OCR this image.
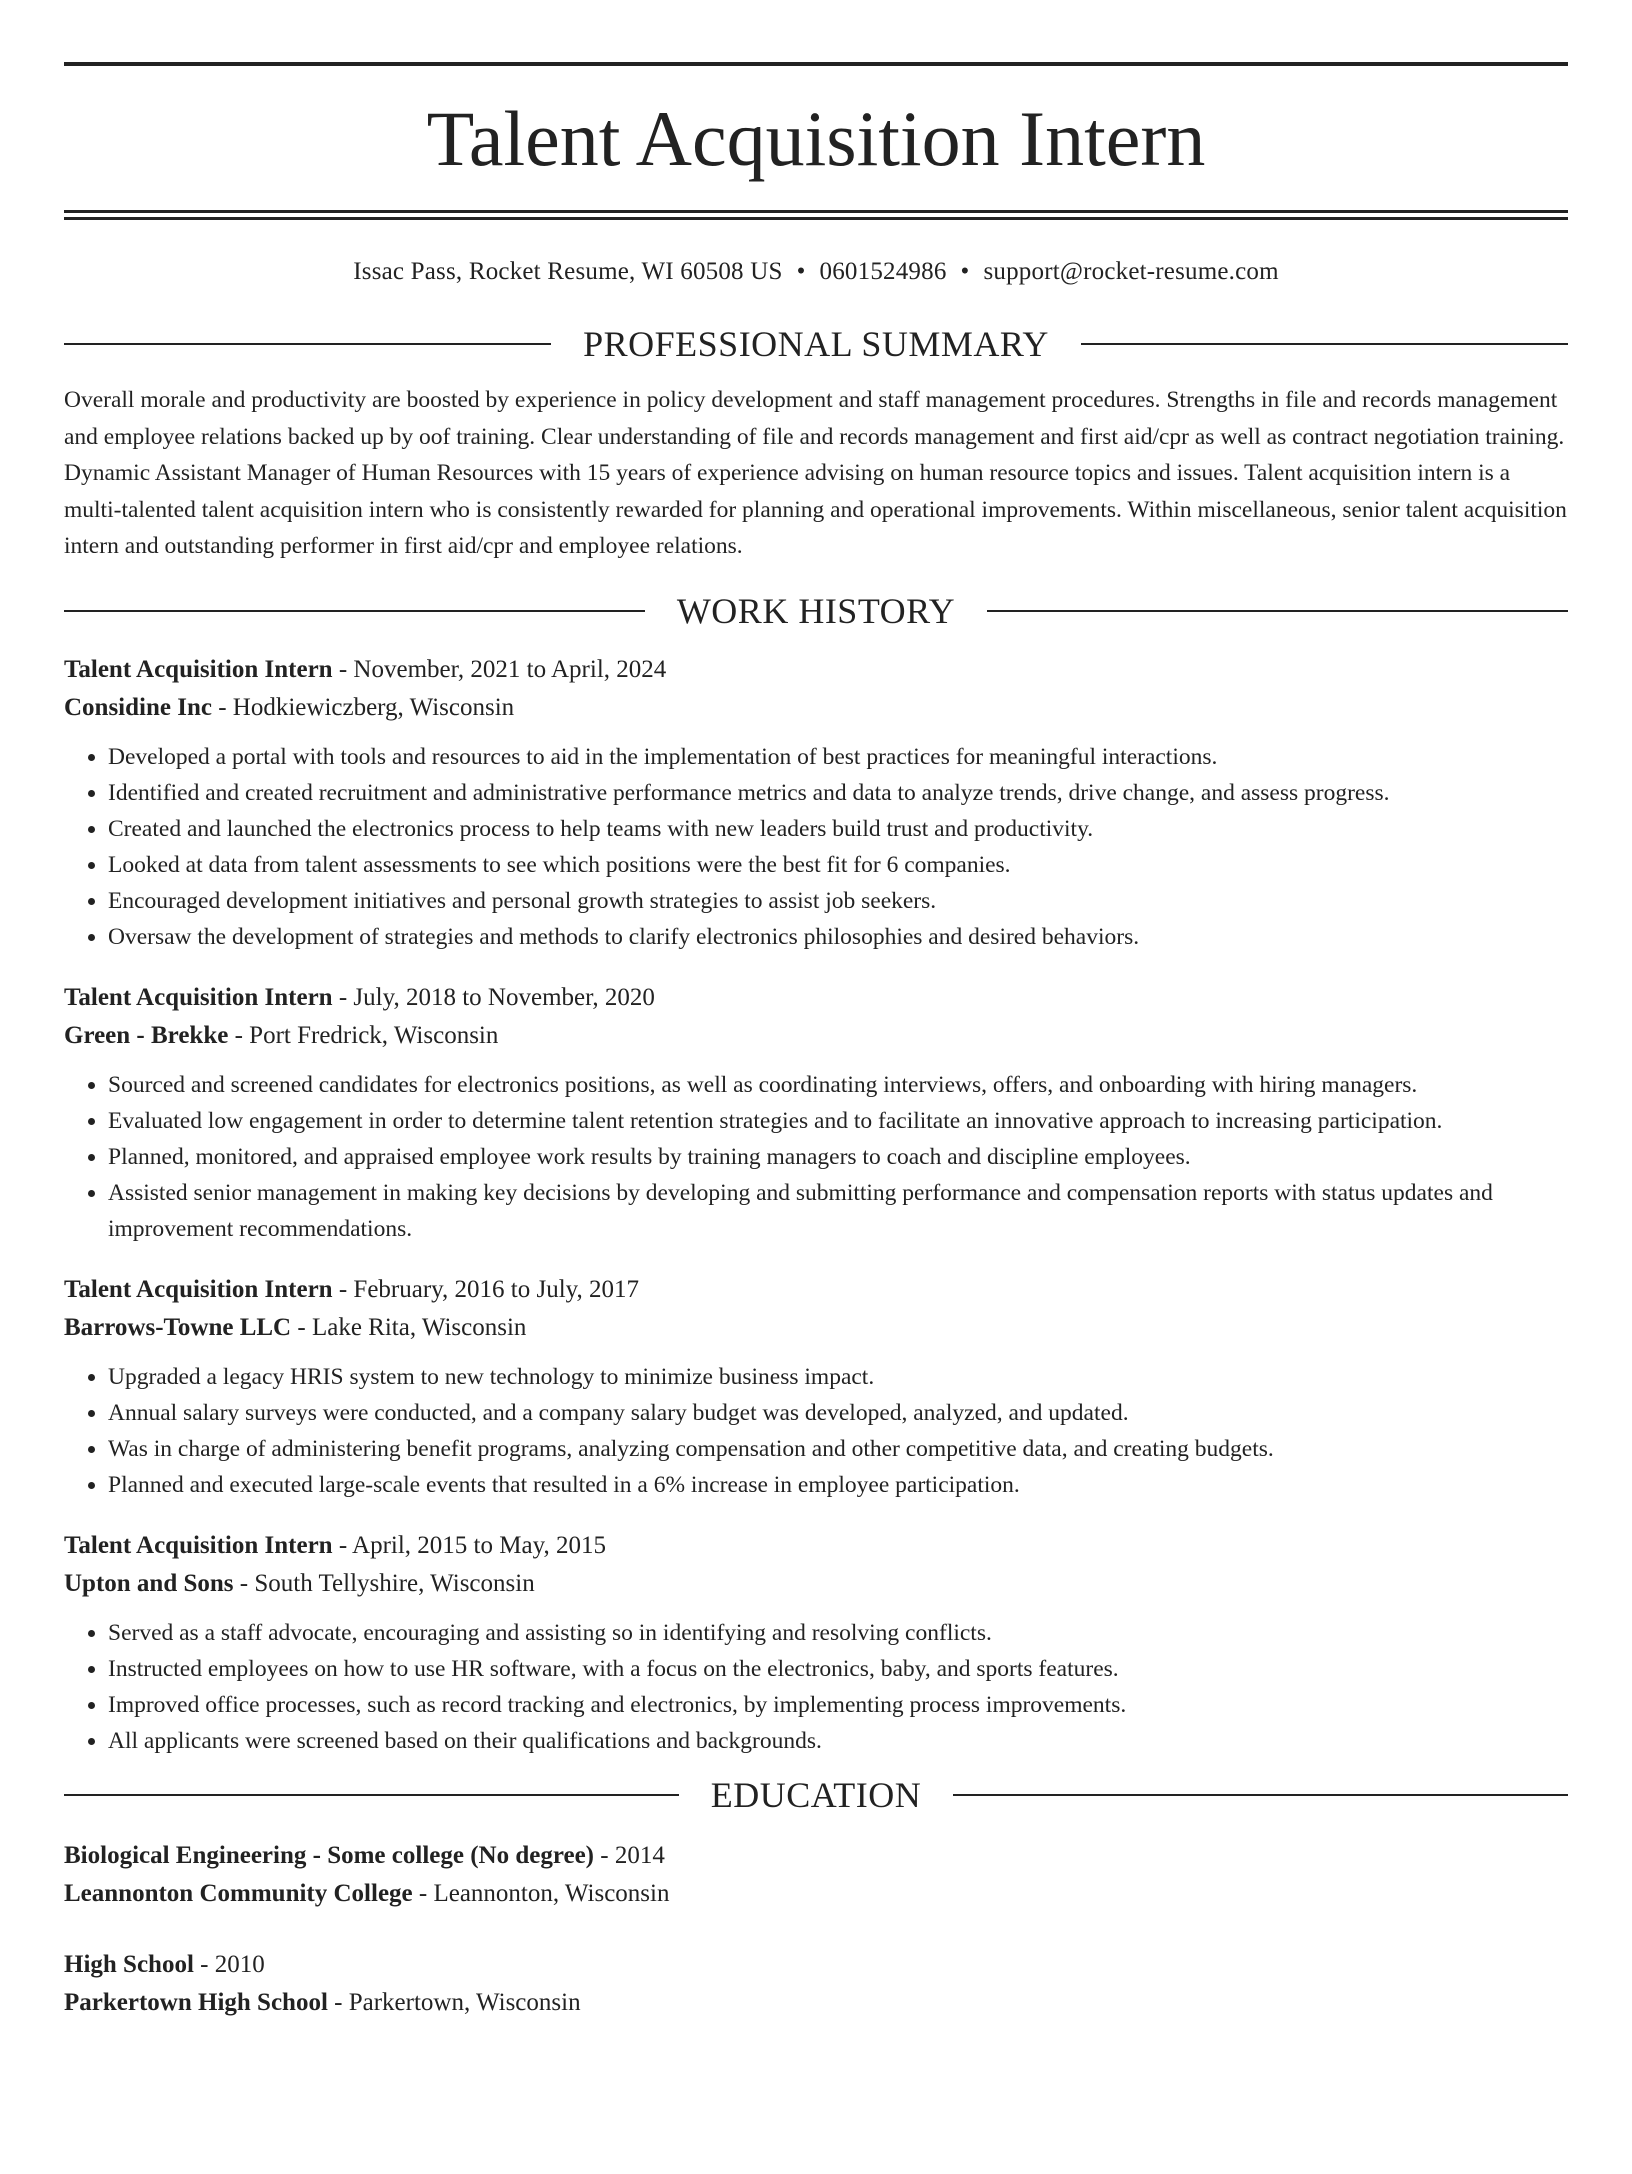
Talent Acquisition Intern
Issac Pass, Rocket Resume, WI 60508 US • 0601524986 • support@rocket-resume.com
PROFESSIONAL SUMMARY
Overall morale and productivity are boosted by experience in policy development and staff management procedures. Strengths in file and records management and employee relations backed up by oof training. Clear understanding of file and records management and first aid/cpr as well as contract negotiation training. Dynamic Assistant Manager of Human Resources with 15 years of experience advising on human resource topics and issues. Talent acquisition intern is a multi-talented talent acquisition intern who is consistently rewarded for planning and operational improvements. Within miscellaneous, senior talent acquisition intern and outstanding performer in first aid/cpr and employee relations.
WORK HISTORY
Talent Acquisition Intern - November, 2021 to April, 2024
Considine Inc - Hodkiewiczberg, Wisconsin
• Developed a portal with tools and resources to aid in the implementation of best practices for meaningful interactions.
• Identified and created recruitment and administrative performance metrics and data to analyze trends, drive change, and assess progress.
• Created and launched the electronics process to help teams with new leaders build trust and productivity.
• Looked at data from talent assessments to see which positions were the best fit for 6 companies.
• Encouraged development initiatives and personal growth strategies to assist job seekers.
• Oversaw the development of strategies and methods to clarify electronics philosophies and desired behaviors.
Talent Acquisition Intern - July, 2018 to November, 2020
Green - Brekke - Port Fredrick, Wisconsin
• Sourced and screened candidates for electronics positions, as well as coordinating interviews, offers, and onboarding with hiring managers.
• Evaluated low engagement in order to determine talent retention strategies and to facilitate an innovative approach to increasing participation.
• Planned, monitored, and appraised employee work results by training managers to coach and discipline employees.
• Assisted senior management in making key decisions by developing and submitting performance and compensation reports with status updates and improvement recommendations.
Talent Acquisition Intern - February, 2016 to July, 2017
Barrows-Towne LLC - Lake Rita, Wisconsin
• Upgraded a legacy HRIS system to new technology to minimize business impact.
• Annual salary surveys were conducted, and a company salary budget was developed, analyzed, and updated.
• Was in charge of administering benefit programs, analyzing compensation and other competitive data, and creating budgets.
• Planned and executed large-scale events that resulted in a 6% increase in employee participation.
Talent Acquisition Intern - April, 2015 to May, 2015
Upton and Sons - South Tellyshire, Wisconsin
• Served as a staff advocate, encouraging and assisting so in identifying and resolving conflicts.
• Instructed employees on how to use HR software, with a focus on the electronics, baby, and sports features.
• Improved office processes, such as record tracking and electronics, by implementing process improvements.
• All applicants were screened based on their qualifications and backgrounds.
EDUCATION
Biological Engineering - Some college (No degree) - 2014
Leannonton Community College - Leannonton, Wisconsin
High School - 2010
Parkertown High School - Parkertown, Wisconsin
